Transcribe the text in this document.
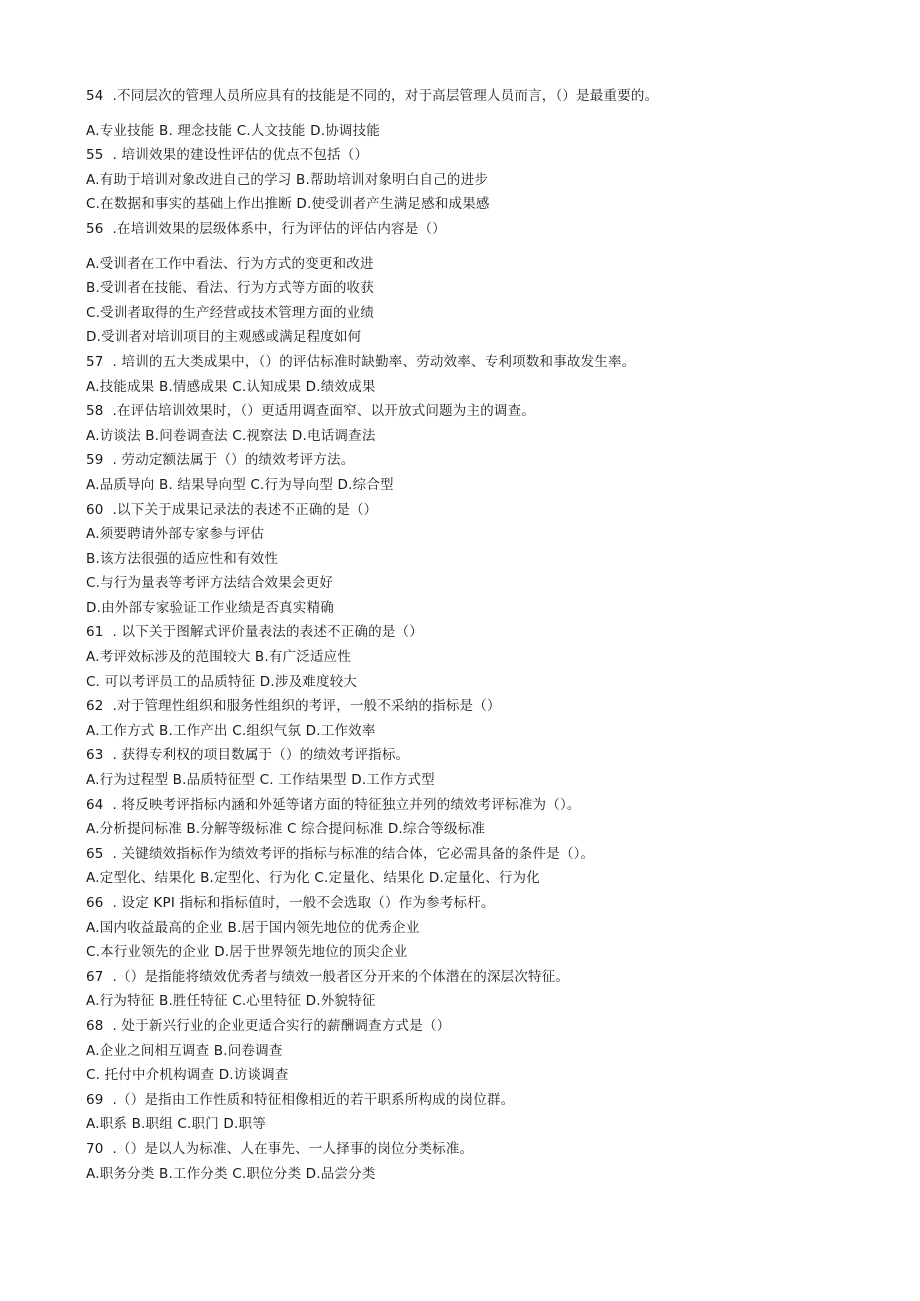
54  .不同层次的管理人员所应具有的技能是不同的，对于高层管理人员而言，（）是最重要的。
A.专业技能 B. 理念技能 C.人文技能 D.协调技能
55  . 培训效果的建设性评估的优点不包括（）
A.有助于培训对象改进自己的学习 B.帮助培训对象明白自己的进步
C.在数据和事实的基础上作出推断 D.使受训者产生满足感和成果感
56  .在培训效果的层级体系中，行为评估的评估内容是（）
A.受训者在工作中看法、行为方式的变更和改进
B.受训者在技能、看法、行为方式等方面的收获
C.受训者取得的生产经营或技术管理方面的业绩
D.受训者对培训项目的主观感或满足程度如何
57  . 培训的五大类成果中，（）的评估标准时缺勤率、劳动效率、专利项数和事故发生率。
A.技能成果 B.情感成果 C.认知成果 D.绩效成果
58  .在评估培训效果时，（）更适用调查面窄、以开放式问题为主的调查。
A.访谈法 B.问卷调查法 C.视察法 D.电话调查法
59  . 劳动定额法属于（）的绩效考评方法。
A.品质导向 B. 结果导向型 C.行为导向型 D.综合型
60  .以下关于成果记录法的表述不正确的是（）
A.须要聘请外部专家参与评估
B.该方法很强的适应性和有效性
C.与行为量表等考评方法结合效果会更好
D.由外部专家验证工作业绩是否真实精确
61  . 以下关于图解式评价量表法的表述不正确的是（）
A.考评效标涉及的范围较大 B.有广泛适应性
C. 可以考评员工的品质特征 D.涉及难度较大
62  .对于管理性组织和服务性组织的考评，一般不采纳的指标是（）
A.工作方式 B.工作产出 C.组织气氛 D.工作效率
63  . 获得专利权的项目数属于（）的绩效考评指标。
A.行为过程型 B.品质特征型 C. 工作结果型 D.工作方式型
64  . 将反映考评指标内涵和外延等诸方面的特征独立并列的绩效考评标准为（）。
A.分析提问标准 B.分解等级标准 C 综合提问标准 D.综合等级标准
65  . 关键绩效指标作为绩效考评的指标与标准的结合体，它必需具备的条件是（）。
A.定型化、结果化 B.定型化、行为化 C.定量化、结果化 D.定量化、行为化
66  . 设定 KPI 指标和指标值时，一般不会选取（）作为参考标杆。
A.国内收益最高的企业 B.居于国内领先地位的优秀企业
C.本行业领先的企业 D.居于世界领先地位的顶尖企业
67  .（）是指能将绩效优秀者与绩效一般者区分开来的个体潜在的深层次特征。
A.行为特征 B.胜任特征 C.心里特征 D.外貌特征
68  . 处于新兴行业的企业更适合实行的薪酬调查方式是（）
A.企业之间相互调查 B.问卷调查
C. 托付中介机构调查 D.访谈调查
69  .（）是指由工作性质和特征相像相近的若干职系所构成的岗位群。
A.职系 B.职组 C.职门 D.职等
70  .（）是以人为标准、人在事先、一人择事的岗位分类标准。
A.职务分类 B.工作分类 C.职位分类 D.品尝分类
